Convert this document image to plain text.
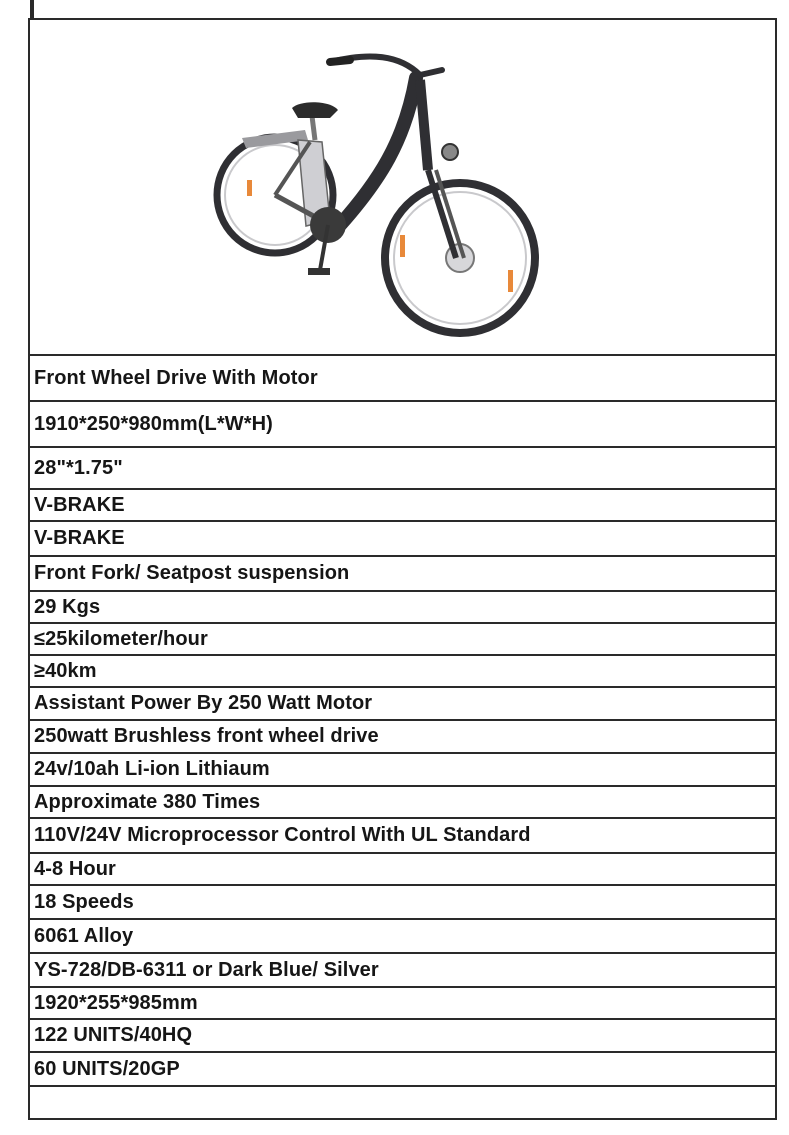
Front Wheel Drive With Motor
1910*250*980mm(L*W*H)
28"*1.75"
V-BRAKE
V-BRAKE
Front Fork/ Seatpost suspension
29 Kgs
≤25kilometer/hour
≥40km
Assistant Power By 250 Watt Motor
250watt Brushless front wheel drive
24v/10ah Li-ion Lithiaum
Approximate 380 Times
110V/24V Microprocessor Control With UL Standard
4-8 Hour
18 Speeds
6061 Alloy
YS-728/DB-6311 or Dark Blue/ Silver
1920*255*985mm
122 UNITS/40HQ
60 UNITS/20GP
